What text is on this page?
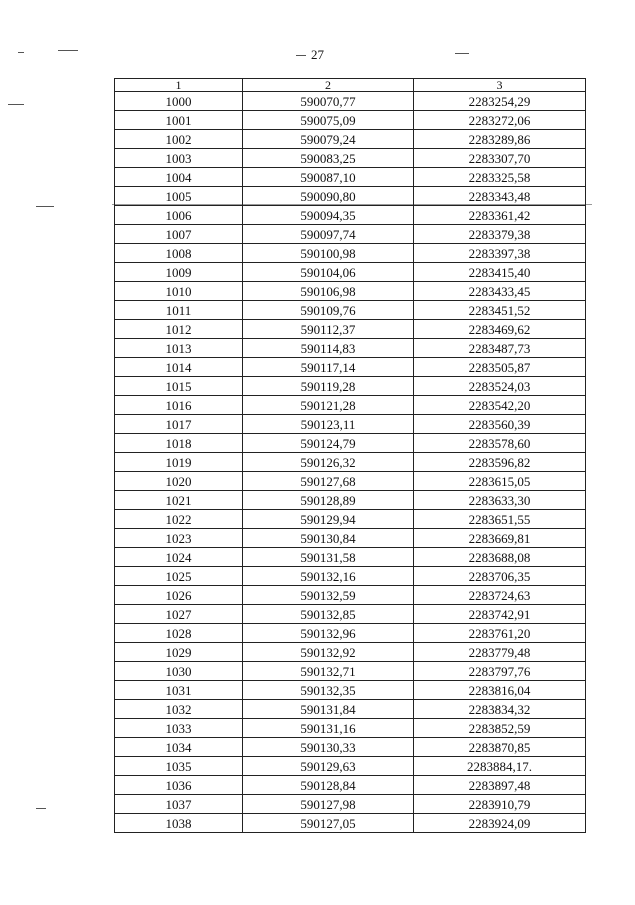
27
1	2	3
1000	590070,77	2283254,29
1001	590075,09	2283272,06
1002	590079,24	2283289,86
1003	590083,25	2283307,70
1004	590087,10	2283325,58
1005	590090,80	2283343,48
1006	590094,35	2283361,42
1007	590097,74	2283379,38
1008	590100,98	2283397,38
1009	590104,06	2283415,40
1010	590106,98	2283433,45
1011	590109,76	2283451,52
1012	590112,37	2283469,62
1013	590114,83	2283487,73
1014	590117,14	2283505,87
1015	590119,28	2283524,03
1016	590121,28	2283542,20
1017	590123,11	2283560,39
1018	590124,79	2283578,60
1019	590126,32	2283596,82
1020	590127,68	2283615,05
1021	590128,89	2283633,30
1022	590129,94	2283651,55
1023	590130,84	2283669,81
1024	590131,58	2283688,08
1025	590132,16	2283706,35
1026	590132,59	2283724,63
1027	590132,85	2283742,91
1028	590132,96	2283761,20
1029	590132,92	2283779,48
1030	590132,71	2283797,76
1031	590132,35	2283816,04
1032	590131,84	2283834,32
1033	590131,16	2283852,59
1034	590130,33	2283870,85
1035	590129,63	2283884,17.
1036	590128,84	2283897,48
1037	590127,98	2283910,79
1038	590127,05	2283924,09
